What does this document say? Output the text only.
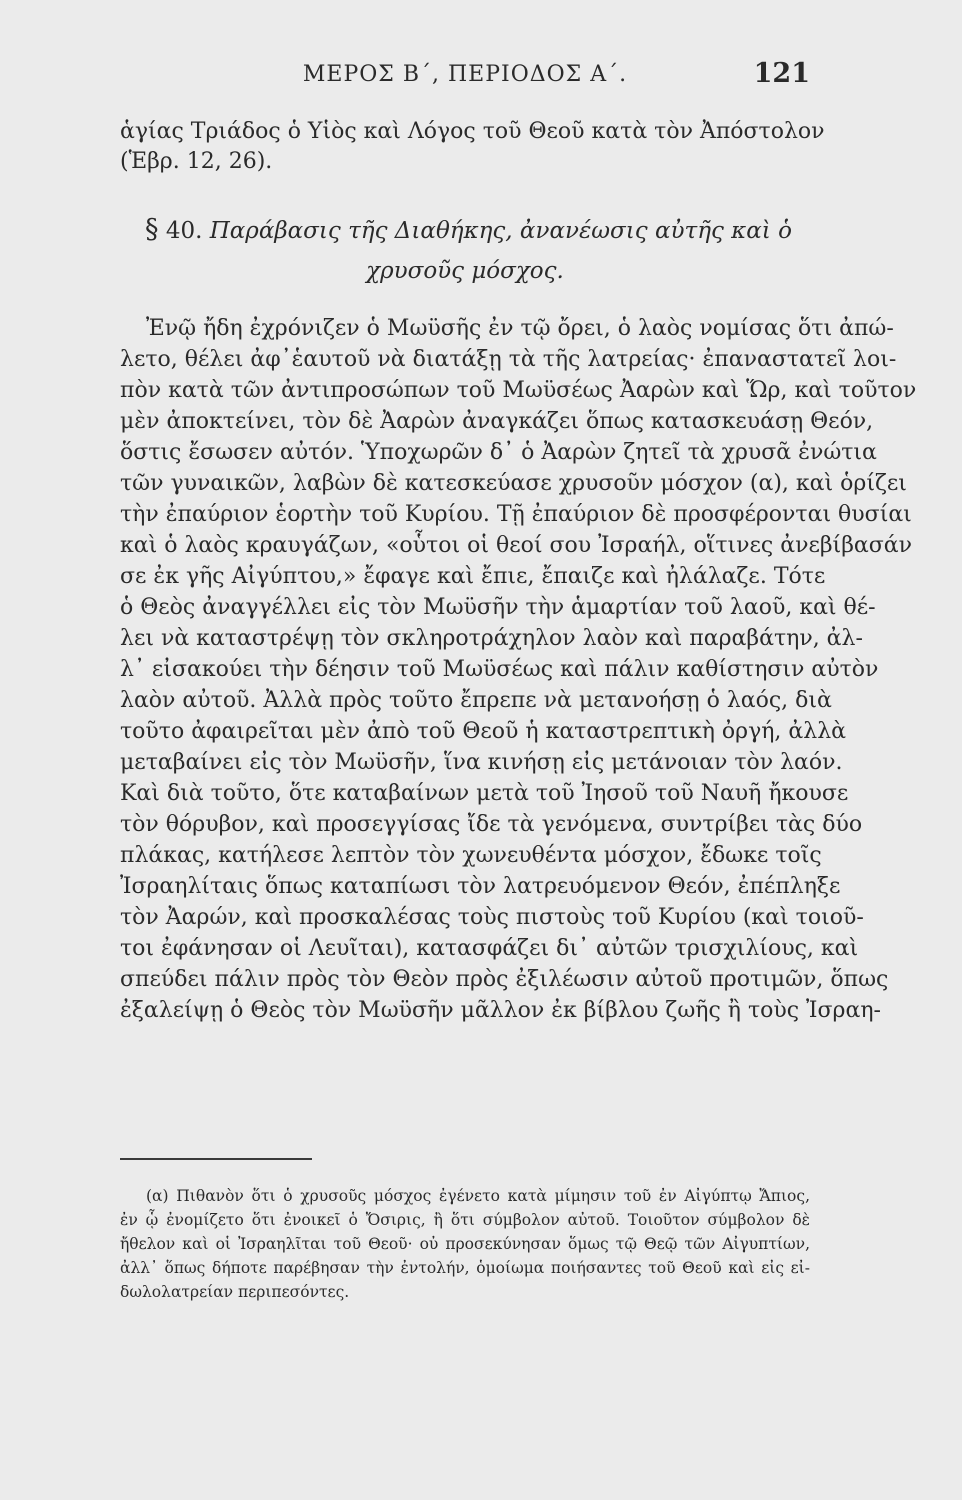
ΜΕΡΟΣ Β΄, ΠΕΡΙΟΔΟΣ Α΄.	121
ἁγίας Τριάδος ὁ Υἱὸς καὶ Λόγος τοῦ Θεοῦ κατὰ τὸν Ἀπόστολον
(Ἑβρ. 12, 26).
§ 40. Παράβασις τῆς Διαθήκης, ἀνανέωσις αὐτῆς καὶ ὁ
χρυσοῦς μόσχος.
Ἐνῷ ἤδη ἐχρόνιζεν ὁ Μωϋσῆς ἐν τῷ ὄρει, ὁ λαὸς νομίσας ὅτι ἀπώ-
λετο, θέλει ἀφ᾽ἑαυτοῦ νὰ διατάξῃ τὰ τῆς λατρείας· ἐπαναστατεῖ λοι-
πὸν κατὰ τῶν ἀντιπροσώπων τοῦ Μωϋσέως Ἀαρὼν καὶ Ὥρ, καὶ τοῦτον
μὲν ἀποκτείνει, τὸν δὲ Ἀαρὼν ἀναγκάζει ὅπως κατασκευάσῃ Θεόν,
ὅστις ἔσωσεν αὐτόν. Ὑποχωρῶν δ᾽ ὁ Ἀαρὼν ζητεῖ τὰ χρυσᾶ ἐνώτια
τῶν γυναικῶν, λαβὼν δὲ κατεσκεύασε χρυσοῦν μόσχον (α), καὶ ὁρίζει
τὴν ἐπαύριον ἑορτὴν τοῦ Κυρίου. Τῇ ἐπαύριον δὲ προσφέρονται θυσίαι
καὶ ὁ λαὸς κραυγάζων, «οὗτοι οἱ θεοί σου Ἰσραήλ, οἵτινες ἀνεβίβασάν
σε ἐκ γῆς Αἰγύπτου,» ἔφαγε καὶ ἔπιε, ἔπαιζε καὶ ἠλάλαζε. Τότε
ὁ Θεὸς ἀναγγέλλει εἰς τὸν Μωϋσῆν τὴν ἁμαρτίαν τοῦ λαοῦ, καὶ θέ-
λει νὰ καταστρέψῃ τὸν σκληροτράχηλον λαὸν καὶ παραβάτην, ἀλ-
λ᾽ εἰσακούει τὴν δέησιν τοῦ Μωϋσέως καὶ πάλιν καθίστησιν αὐτὸν
λαὸν αὐτοῦ. Ἀλλὰ πρὸς τοῦτο ἔπρεπε νὰ μετανοήσῃ ὁ λαός, διὰ
τοῦτο ἀφαιρεῖται μὲν ἀπὸ τοῦ Θεοῦ ἡ καταστρεπτικὴ ὀργή, ἀλλὰ
μεταβαίνει εἰς τὸν Μωϋσῆν, ἵνα κινήσῃ εἰς μετάνοιαν τὸν λαόν.
Καὶ διὰ τοῦτο, ὅτε καταβαίνων μετὰ τοῦ Ἰησοῦ τοῦ Ναυῆ ἤκουσε
τὸν θόρυβον, καὶ προσεγγίσας ἴδε τὰ γενόμενα, συντρίβει τὰς δύο
πλάκας, κατήλεσε λεπτὸν τὸν χωνευθέντα μόσχον, ἔδωκε τοῖς
Ἰσραηλίταις ὅπως καταπίωσι τὸν λατρευόμενον Θεόν, ἐπέπληξε
τὸν Ἀαρών, καὶ προσκαλέσας τοὺς πιστοὺς τοῦ Κυρίου (καὶ τοιοῦ-
τοι ἐφάνησαν οἱ Λευῖται), κατασφάζει δι᾽ αὐτῶν τρισχιλίους, καὶ
σπεύδει πάλιν πρὸς τὸν Θεὸν πρὸς ἐξιλέωσιν αὐτοῦ προτιμῶν, ὅπως
ἐξαλείψῃ ὁ Θεὸς τὸν Μωϋσῆν μᾶλλον ἐκ βίβλου ζωῆς ἢ τοὺς Ἰσραη-
(α) Πιθανὸν ὅτι ὁ χρυσοῦς μόσχος ἐγένετο κατὰ μίμησιν τοῦ ἐν Αἰγύπτῳ Ἄπιος,
ἐν ᾧ ἐνομίζετο ὅτι ἐνοικεῖ ὁ Ὄσιρις, ἢ ὅτι σύμβολον αὐτοῦ. Τοιοῦτον σύμβολον δὲ
ἤθελον καὶ οἱ Ἰσραηλῖται τοῦ Θεοῦ· οὐ προσεκύνησαν ὅμως τῷ Θεῷ τῶν Αἰγυπτίων,
ἀλλ᾽ ὅπως δήποτε παρέβησαν τὴν ἐντολήν, ὁμοίωμα ποιήσαντες τοῦ Θεοῦ καὶ εἰς εἰ-
δωλολατρείαν περιπεσόντες.
